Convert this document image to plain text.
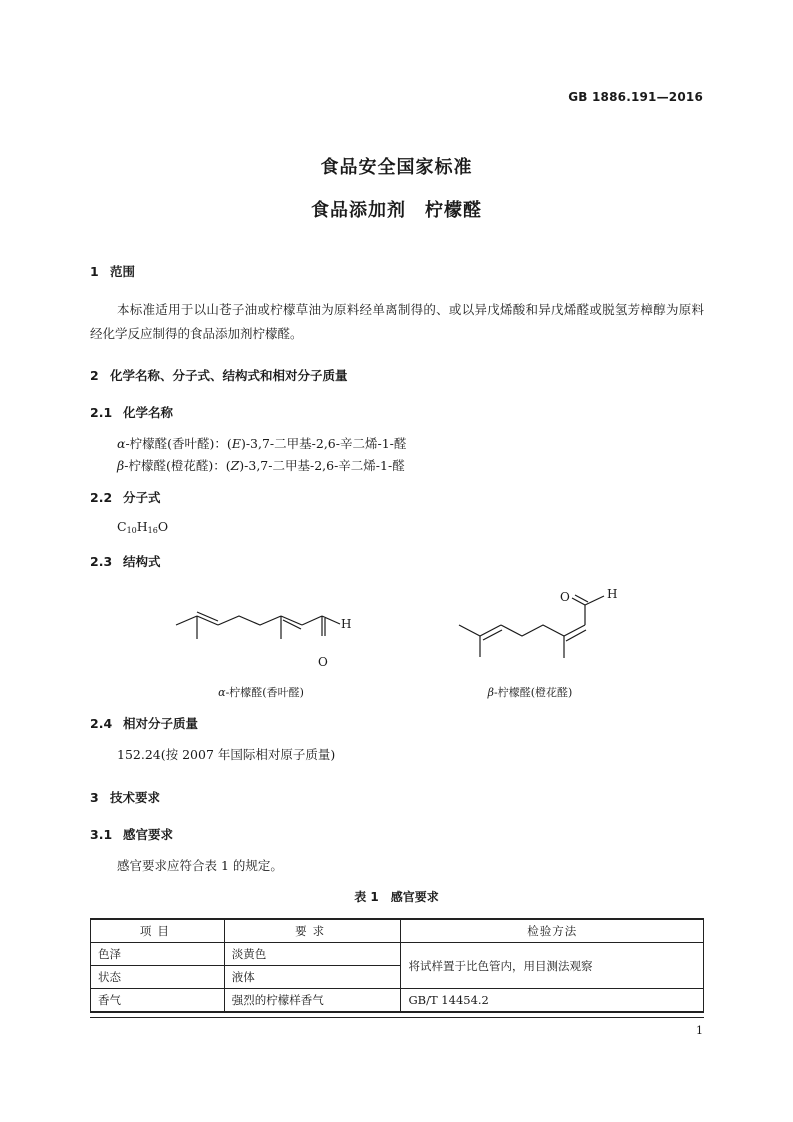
GB 1886.191—2016
食品安全国家标准
食品添加剂　柠檬醛
1 范围
本标准适用于以山苍子油或柠檬草油为原料经单离制得的、或以异戊烯酸和异戊烯醛或脱氢芳樟醇为原料经化学反应制得的食品添加剂柠檬醛。
2 化学名称、分子式、结构式和相对分子质量
2.1 化学名称
α-柠檬醛(香叶醛)：(E)-3,7-二甲基-2,6-辛二烯-1-醛
β-柠檬醛(橙花醛)：(Z)-3,7-二甲基-2,6-辛二烯-1-醛
2.2 分子式
$C_{10}H_{16}O$
2.3 结构式
H
O
O	H
α-柠檬醛(香叶醛)	β-柠檬醛(橙花醛)
2.4 相对分子质量
152.24(按 2007 年国际相对原子质量)
3 技术要求
3.1 感官要求
感官要求应符合表 1 的规定。
表 1　感官要求
项目	要求	检验方法
色泽	淡黄色	将试样置于比色管内，用目测法观察
状态	液体	
香气	强烈的柠檬样香气	GB/T 14454.2
1
